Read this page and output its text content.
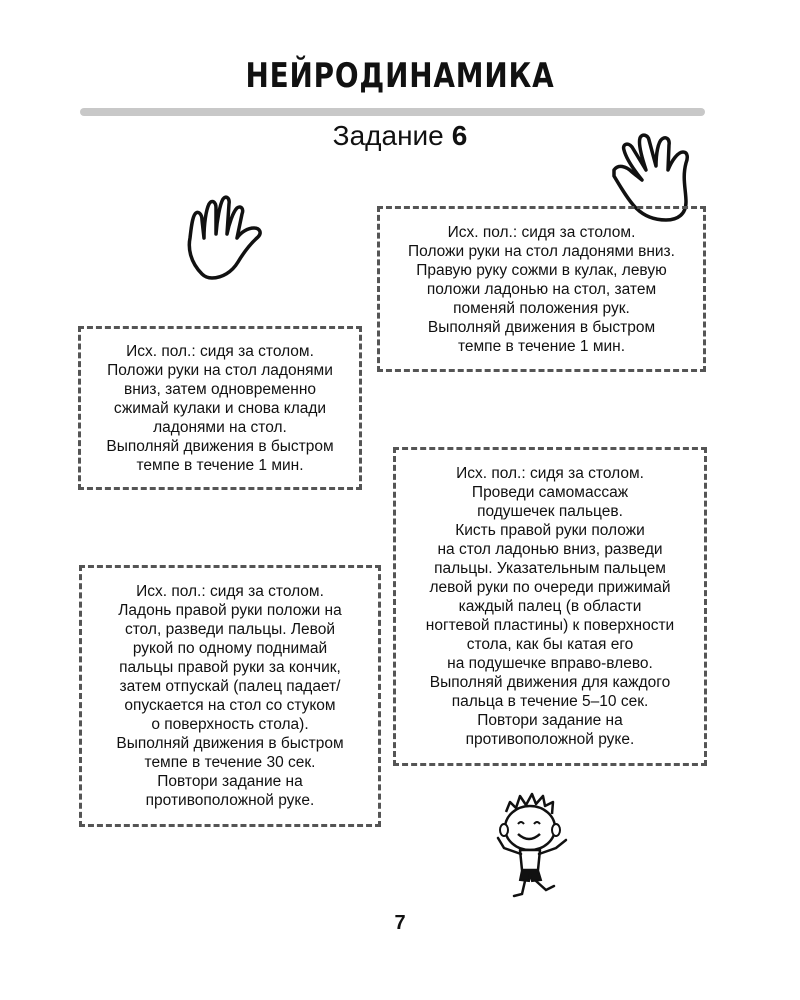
НЕЙРОДИНАМИКА
Задание 6
Исх. пол.: сидя за столом.
Положи руки на стол ладонями вниз.
Правую руку сожми в кулак, левую
положи ладонью на стол, затем
поменяй положения рук.
Выполняй движения в быстром
темпе в течение 1 мин.
Исх. пол.: сидя за столом.
Положи руки на стол ладонями
вниз, затем одновременно
сжимай кулаки и снова клади
ладонями на стол.
Выполняй движения в быстром
темпе в течение 1 мин.	Исх. пол.: сидя за столом.
Проведи самомассаж
подушечек пальцев.
Кисть правой руки положи
на стол ладонью вниз, разведи
пальцы. Указательным пальцем
левой руки по очереди прижимай
каждый палец (в области
ногтевой пластины) к поверхности
стола, как бы катая его
на подушечке вправо-влево.
Выполняй движения для каждого
пальца в течение 5–10 сек.
Повтори задание на
противоположной руке.
Исх. пол.: сидя за столом.
Ладонь правой руки положи на
стол, разведи пальцы. Левой
рукой по одному поднимай
пальцы правой руки за кончик,
затем отпускай (палец падает/
опускается на стол со стуком
о поверхность стола).
Выполняй движения в быстром
темпе в течение 30 сек.
Повтори задание на
противоположной руке.
7
